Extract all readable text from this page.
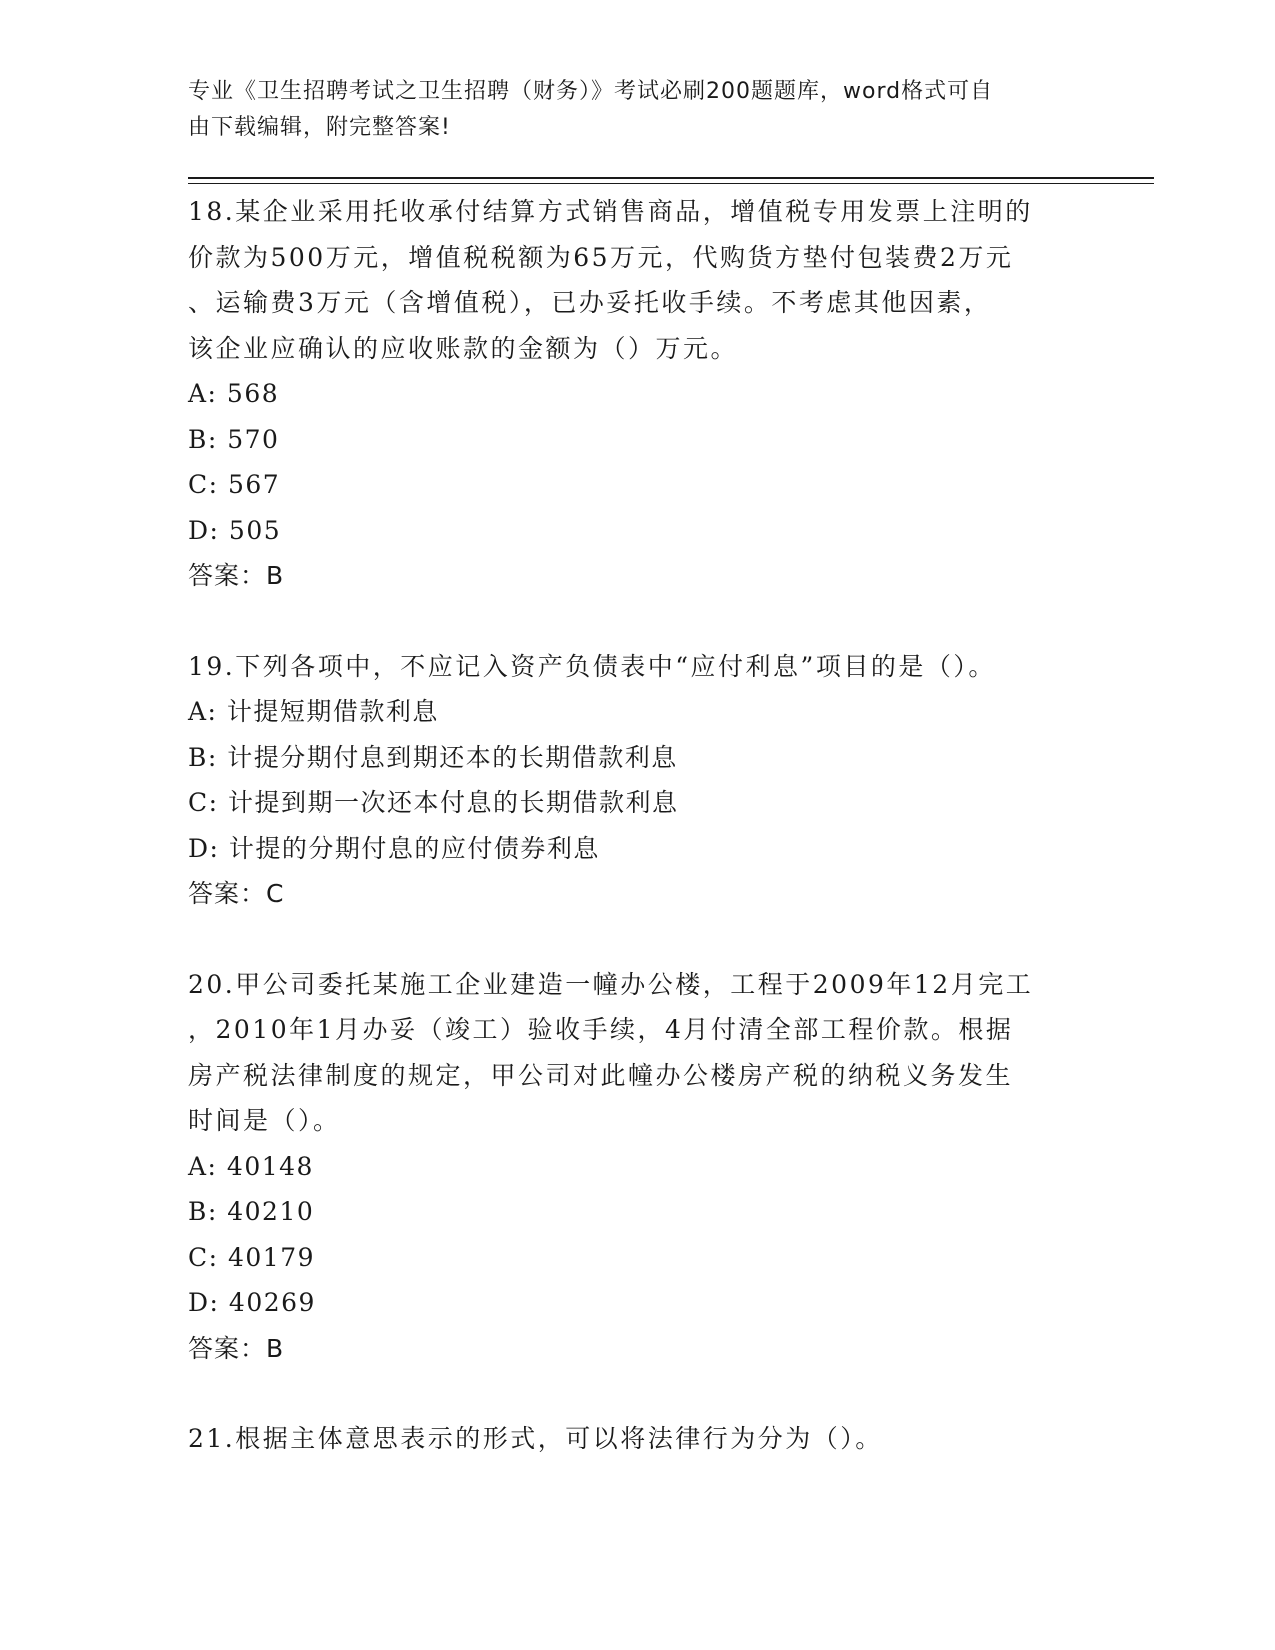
专业《卫生招聘考试之卫生招聘（财务）》考试必刷200题题库，word格式可自
由下载编辑，附完整答案!
18.某企业采用托收承付结算方式销售商品，增值税专用发票上注明的
价款为500万元，增值税税额为65万元，代购货方垫付包装费2万元
、运输费3万元（含增值税），已办妥托收手续。不考虑其他因素，
该企业应确认的应收账款的金额为（）万元。
A: 568
B: 570
C: 567
D: 505
答案：B
19.下列各项中，不应记入资产负债表中“应付利息”项目的是（）。
A: 计提短期借款利息
B: 计提分期付息到期还本的长期借款利息
C: 计提到期一次还本付息的长期借款利息
D: 计提的分期付息的应付债券利息
答案：C
20.甲公司委托某施工企业建造一幢办公楼，工程于2009年12月完工
，2010年1月办妥（竣工）验收手续，4月付清全部工程价款。根据
房产税法律制度的规定，甲公司对此幢办公楼房产税的纳税义务发生
时间是（）。
A: 40148
B: 40210
C: 40179
D: 40269
答案：B
21.根据主体意思表示的形式，可以将法律行为分为（）。
